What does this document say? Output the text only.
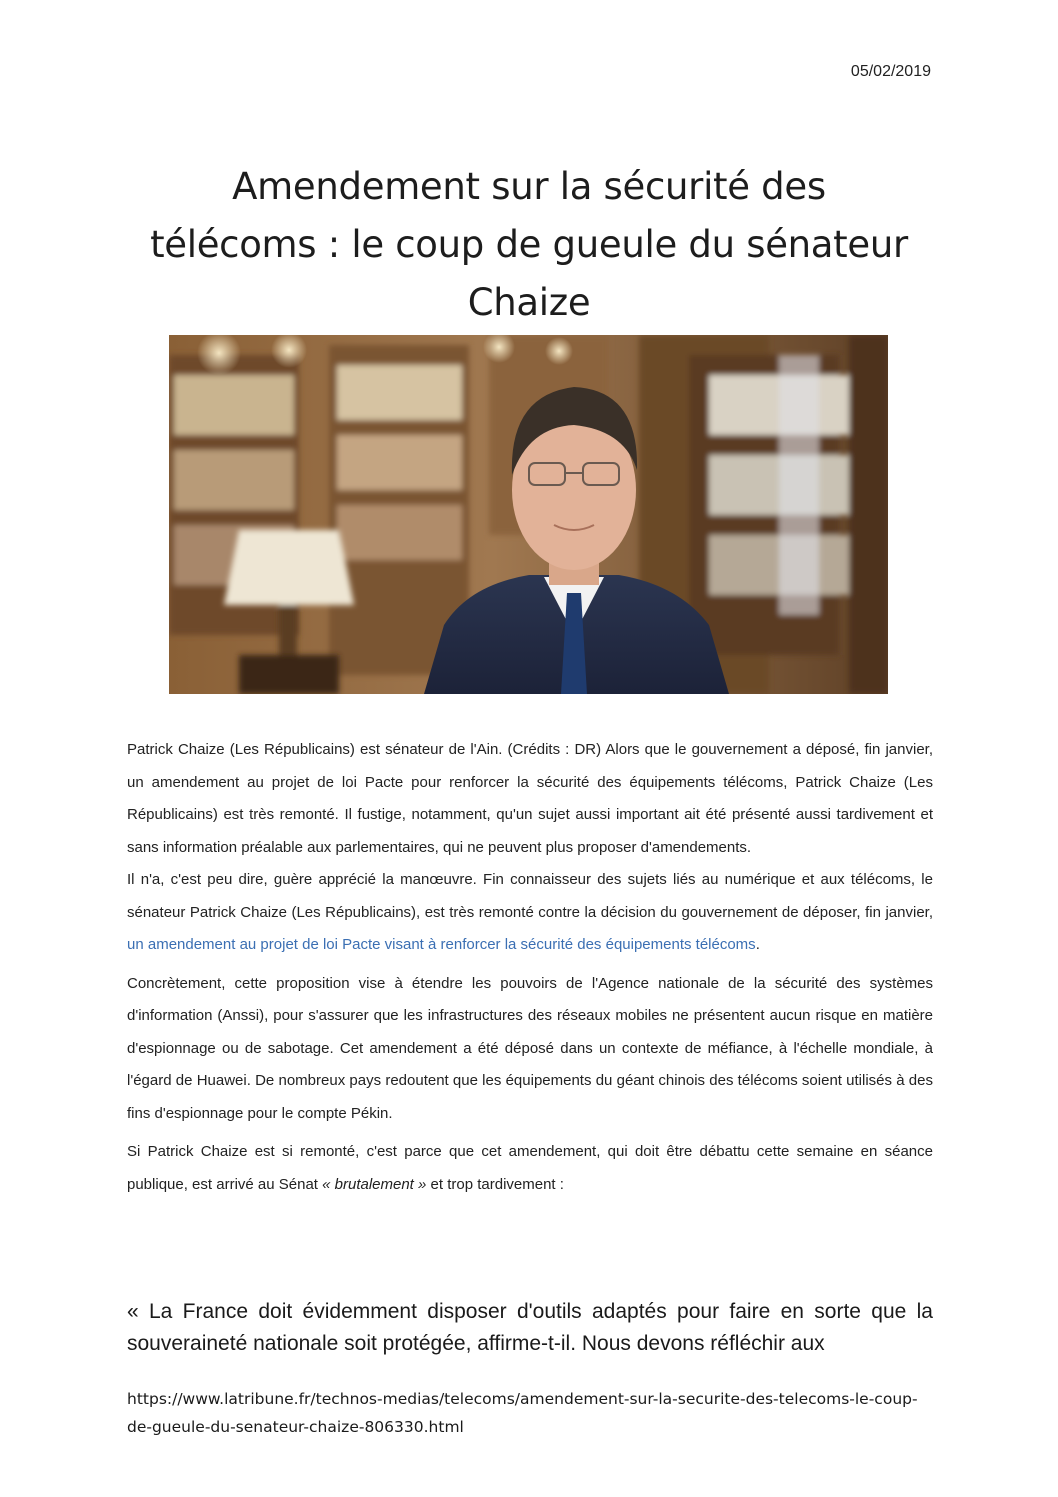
05/02/2019
Amendement sur la sécurité des télécoms : le coup de gueule du sénateur Chaize

Patrick Chaize (Les Républicains) est sénateur de l'Ain. (Crédits : DR) Alors que le gouvernement a déposé, fin janvier, un amendement au projet de loi Pacte pour renforcer la sécurité des équipements télécoms, Patrick Chaize (Les Républicains) est très remonté. Il fustige, notamment, qu'un sujet aussi important ait été présenté aussi tardivement et sans information préalable aux parlementaires, qui ne peuvent plus proposer d'amendements.

Il n'a, c'est peu dire, guère apprécié la manœuvre. Fin connaisseur des sujets liés au numérique et aux télécoms, le sénateur Patrick Chaize (Les Républicains), est très remonté contre la décision du gouvernement de déposer, fin janvier, un amendement au projet de loi Pacte visant à renforcer la sécurité des équipements télécoms.

Concrètement, cette proposition vise à étendre les pouvoirs de l'Agence nationale de la sécurité des systèmes d'information (Anssi), pour s'assurer que les infrastructures des réseaux mobiles ne présentent aucun risque en matière d'espionnage ou de sabotage. Cet amendement a été déposé dans un contexte de méfiance, à l'échelle mondiale, à l'égard de Huawei. De nombreux pays redoutent que les équipements du géant chinois des télécoms soient utilisés à des fins d'espionnage pour le compte Pékin.

Si Patrick Chaize est si remonté, c'est parce que cet amendement, qui doit être débattu cette semaine en séance publique, est arrivé au Sénat « brutalement » et trop tardivement :

« La France doit évidemment disposer d'outils adaptés pour faire en sorte que la souveraineté nationale soit protégée, affirme-t-il. Nous devons réfléchir aux
https://www.latribune.fr/technos-medias/telecoms/amendement-sur-la-securite-des-telecoms-le-coup-de-gueule-du-senateur-chaize-806330.html
